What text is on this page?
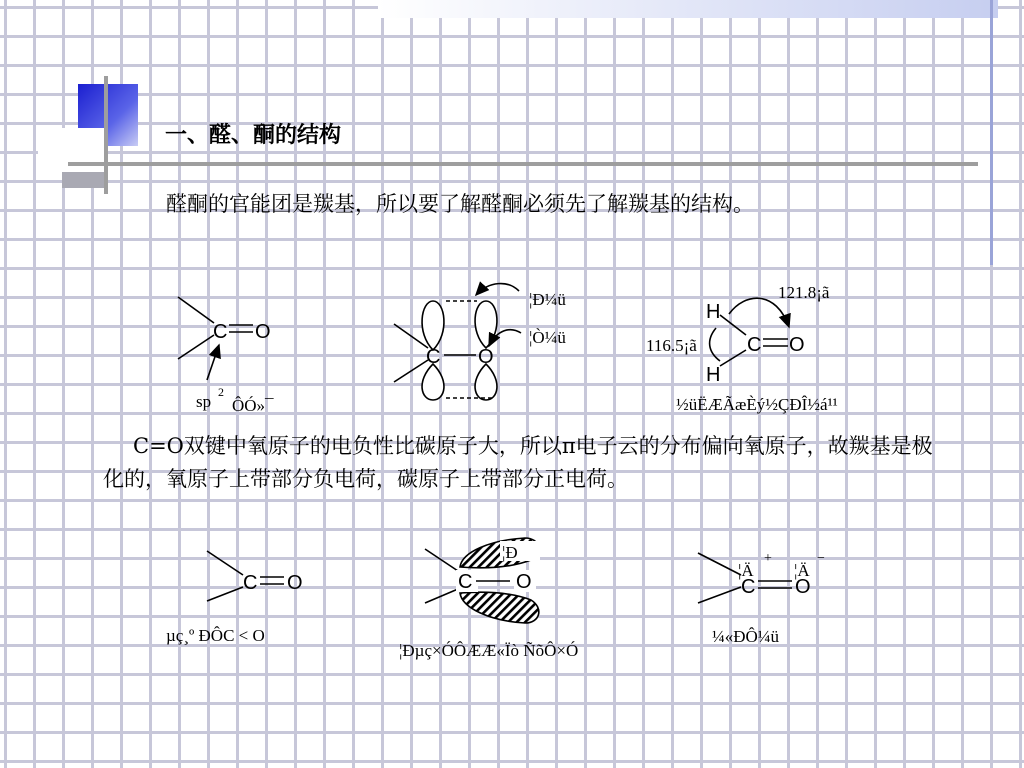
一、醛、酮的结构
醛酮的官能团是羰基，所以要了解醛酮必须先了解羰基的结构。
C=O双键中氧原子的电负性比碳原子大，所以π电子云的分布偏向氧原子，故羰基是极化的，氧原子上带部分负电荷，碳原子上带部分正电荷。
C O
sp 2
ÔÓ»¯
C O
¦Ð¼ü
¦Ò¼ü
H
H
C O
121.8¡ã
116.5¡ã
½üËÆÃæÈý½ÇÐÎ½á¹¹
C O
µç¸º ÐÔC < O
¦Ð
C O
¦Ðµç×ÓÔÆÆ«Ïò ÑõÔ×Ó
¦Ä
+
¦Ä
−
C O
¼«ÐÔ¼ü
